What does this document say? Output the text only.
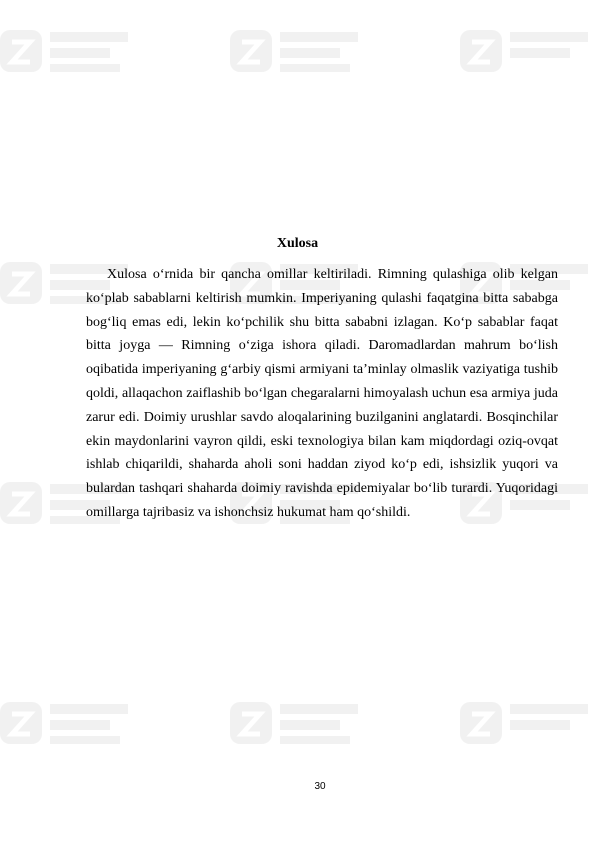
Xulosa

Xulosa oʻrnida bir qancha omillar keltiriladi. Rimning qulashiga olib kelgan koʻplab sabablarni keltirish mumkin. Imperiyaning qulashi faqatgina bitta sababga bogʻliq emas edi, lekin koʻpchilik shu bitta sababni izlagan. Koʻp sabablar faqat bitta joyga — Rimning oʻziga ishora qiladi. Daromadlardan mahrum boʻlish oqibatida imperiyaning gʻarbiy qismi armiyani taʼminlay olmaslik vaziyatiga tushib qoldi, allaqachon zaiflashib boʻlgan chegaralarni himoyalash uchun esa armiya juda zarur edi. Doimiy urushlar savdo aloqalarining buzilganini anglatardi. Bosqinchilar ekin maydonlarini vayron qildi, eski texnologiya bilan kam miqdordagi oziq-ovqat ishlab chiqarildi, shaharda aholi soni haddan ziyod koʻp edi, ishsizlik yuqori va bulardan tashqari shaharda doimiy ravishda epidemiyalar boʻlib turardi. Yuqoridagi omillarga tajribasiz va ishonchsiz hukumat ham qoʻshildi.

30
